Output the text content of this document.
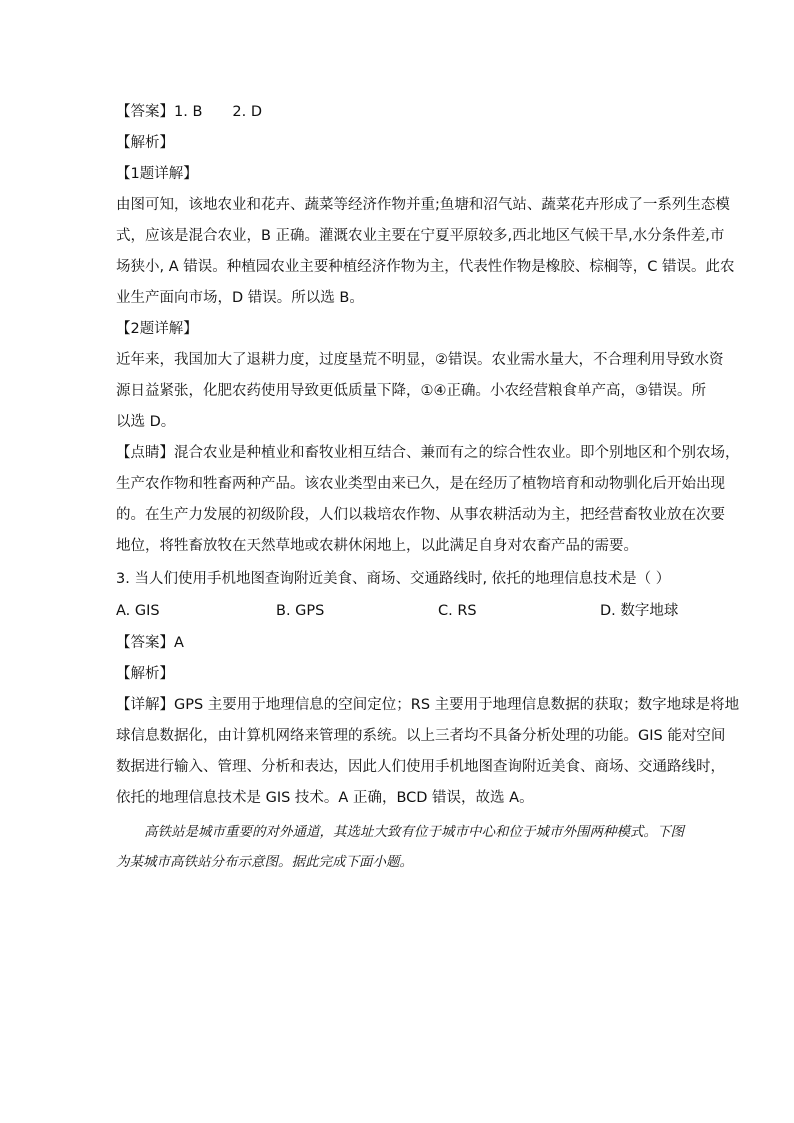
【答案】1. B 2. D
【解析】
【1题详解】
由图可知，该地农业和花卉、蔬菜等经济作物并重;鱼塘和沼气站、蔬菜花卉形成了一系列生态模
式，应该是混合农业，B 正确。灌溉农业主要在宁夏平原较多,西北地区气候干旱,水分条件差,市
场狭小, A 错误。种植园农业主要种植经济作物为主，代表性作物是橡胶、棕榈等，C 错误。此农
业生产面向市场，D 错误。所以选 B。
【2题详解】
近年来，我国加大了退耕力度，过度垦荒不明显，②错误。农业需水量大，不合理利用导致水资
源日益紧张，化肥农药使用导致更低质量下降，①④正确。小农经营粮食单产高，③错误。所
以选 D。
【点睛】混合农业是种植业和畜牧业相互结合、兼而有之的综合性农业。即个别地区和个别农场，
生产农作物和牲畜两种产品。该农业类型由来已久，是在经历了植物培育和动物驯化后开始出现
的。在生产力发展的初级阶段，人们以栽培农作物、从事农耕活动为主，把经营畜牧业放在次要
地位，将牲畜放牧在天然草地或农耕休闲地上，以此满足自身对农畜产品的需要。
3. 当人们使用手机地图查询附近美食、商场、交通路线时, 依托的地理信息技术是（ ）
A. GIS	B. GPS	C. RS	D. 数字地球
【答案】A
【解析】
【详解】GPS 主要用于地理信息的空间定位；RS 主要用于地理信息数据的获取；数字地球是将地
球信息数据化，由计算机网络来管理的系统。以上三者均不具备分析处理的功能。GIS 能对空间
数据进行输入、管理、分析和表达，因此人们使用手机地图查询附近美食、商场、交通路线时，
依托的地理信息技术是 GIS 技术。A 正确，BCD 错误，故选 A。
高铁站是城市重要的对外通道，其选址大致有位于城市中心和位于城市外围两种模式。下图
为某城市高铁站分布示意图。据此完成下面小题。
